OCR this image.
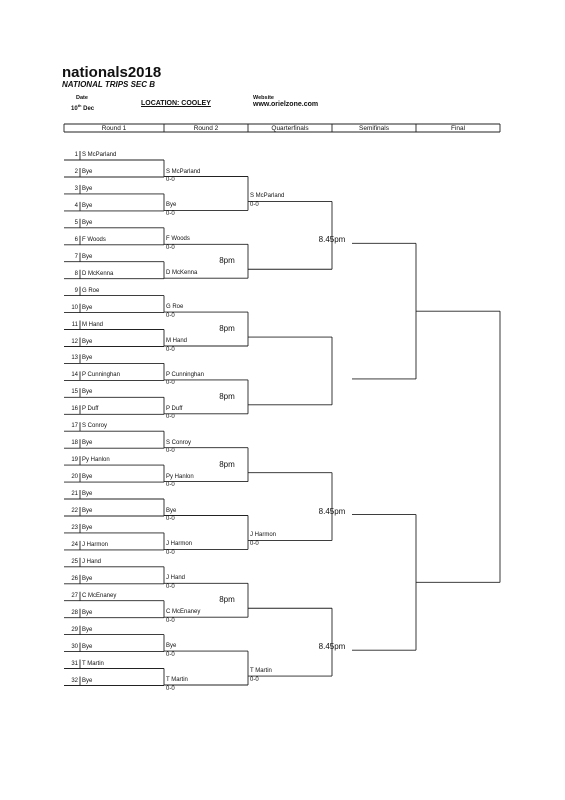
nationals2018
NATIONAL TRIPS SEC B
Date
10th Dec
LOCATION: COOLEY
Website
www.orielzone.com
Round 1	Round 2	Quarterfinals	Semifinals	Final
1 S McParland
2 Bye
3 Bye
4 Bye
5 Bye
6 F Woods
7 Bye
8 D McKenna
9 G Roe
10 Bye
11 M Hand
12 Bye
13 Bye
14 P Cunninghan
15 Bye
16 P Duff
17 S Conroy
18 Bye
19 Py Hanlon
20 Bye
21 Bye
22 Bye
23 Bye
24 J Harmon
25 J Hand
26 Bye
27 C McEnaney
28 Bye
29 Bye
30 Bye
31 T Martin
32 Bye
S McParland
0-0
Bye
0-0
F Woods
0-0
D McKenna
G Roe
0-0
M Hand
0-0
P Cunninghan
0-0
P Duff
0-0
S Conroy
0-0
Py Hanlon
0-0
Bye
0-0
J Harmon
0-0
J Hand
0-0
C McEnaney
0-0
Bye
0-0
T Martin
0-0
S McParland
0-0
J Harmon
0-0
T Martin
0-0
8pm
8pm
8pm
8pm
8pm
8.45pm
8.45pm
8.45pm
